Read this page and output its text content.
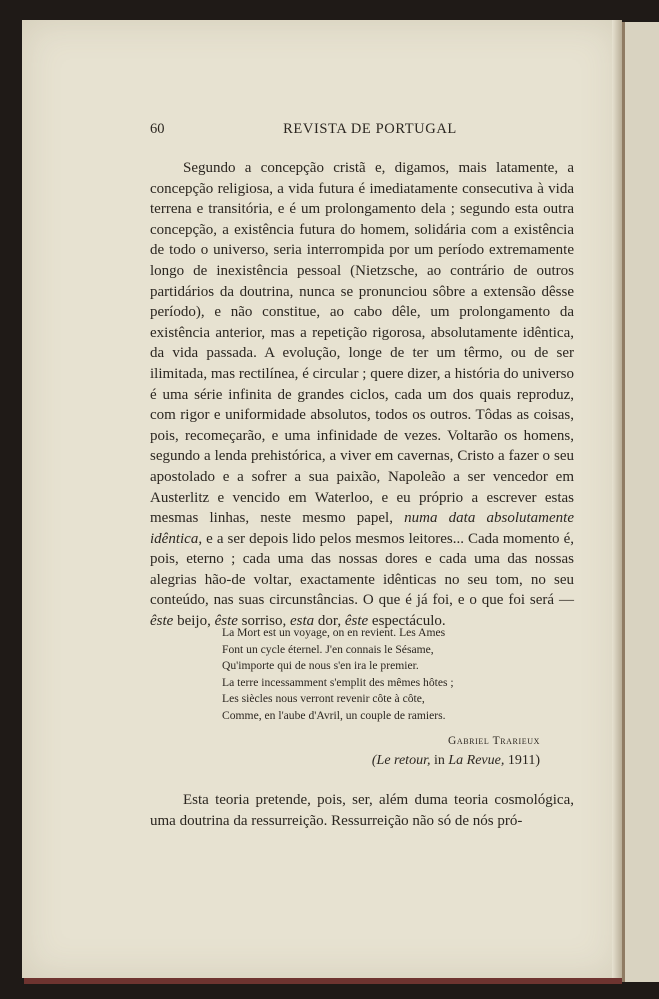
60	REVISTA DE PORTUGAL

Segundo a concepção cristã e, digamos, mais latamente, a concepção religiosa, a vida futura é imediatamente consecutiva à vida terrena e transitória, e é um prolongamento dela ; segundo esta outra concepção, a existência futura do homem, solidária com a existência de todo o universo, seria interrompida por um período extremamente longo de inexistência pessoal (Nietzsche, ao contrário de outros partidários da doutrina, nunca se pronunciou sôbre a extensão dêsse período), e não constitue, ao cabo dêle, um prolongamento da existência anterior, mas a repetição rigorosa, absolutamente idêntica, da vida passada. A evolução, longe de ter um têrmo, ou de ser ilimitada, mas rectilínea, é circular ; quere dizer, a história do universo é uma série infinita de grandes ciclos, cada um dos quais reproduz, com rigor e uniformidade absolutos, todos os outros. Tôdas as coisas, pois, recomeçarão, e uma infinidade de vezes. Voltarão os homens, segundo a lenda prehistórica, a viver em cavernas, Cristo a fazer o seu apostolado e a sofrer a sua paixão, Napoleão a ser vencedor em Austerlitz e vencido em Waterloo, e eu próprio a escrever estas mesmas linhas, neste mesmo papel, numa data absolutamente idêntica, e a ser depois lido pelos mesmos leitores... Cada momento é, pois, eterno ; cada uma das nossas dores e cada uma das nossas alegrias hão-de voltar, exactamente idênticas no seu tom, no seu conteúdo, nas suas circunstâncias. O que é já foi, e o que foi será — êste beijo, êste sorriso, esta dor, êste espectáculo.

La Mort est un voyage, on en revient. Les Ames
Font un cycle éternel. J'en connais le Sésame,
Qu'importe qui de nous s'en ira le premier.
La terre incessamment s'emplit des mêmes hôtes ;
Les siècles nous verront revenir côte à côte,
Comme, en l'aube d'Avril, un couple de ramiers.
Gabriel Trarieux
(Le retour, in La Revue, 1911)

Esta teoria pretende, pois, ser, além duma teoria cosmológica, uma doutrina da ressurreição. Ressurreição não só de nós pró-
